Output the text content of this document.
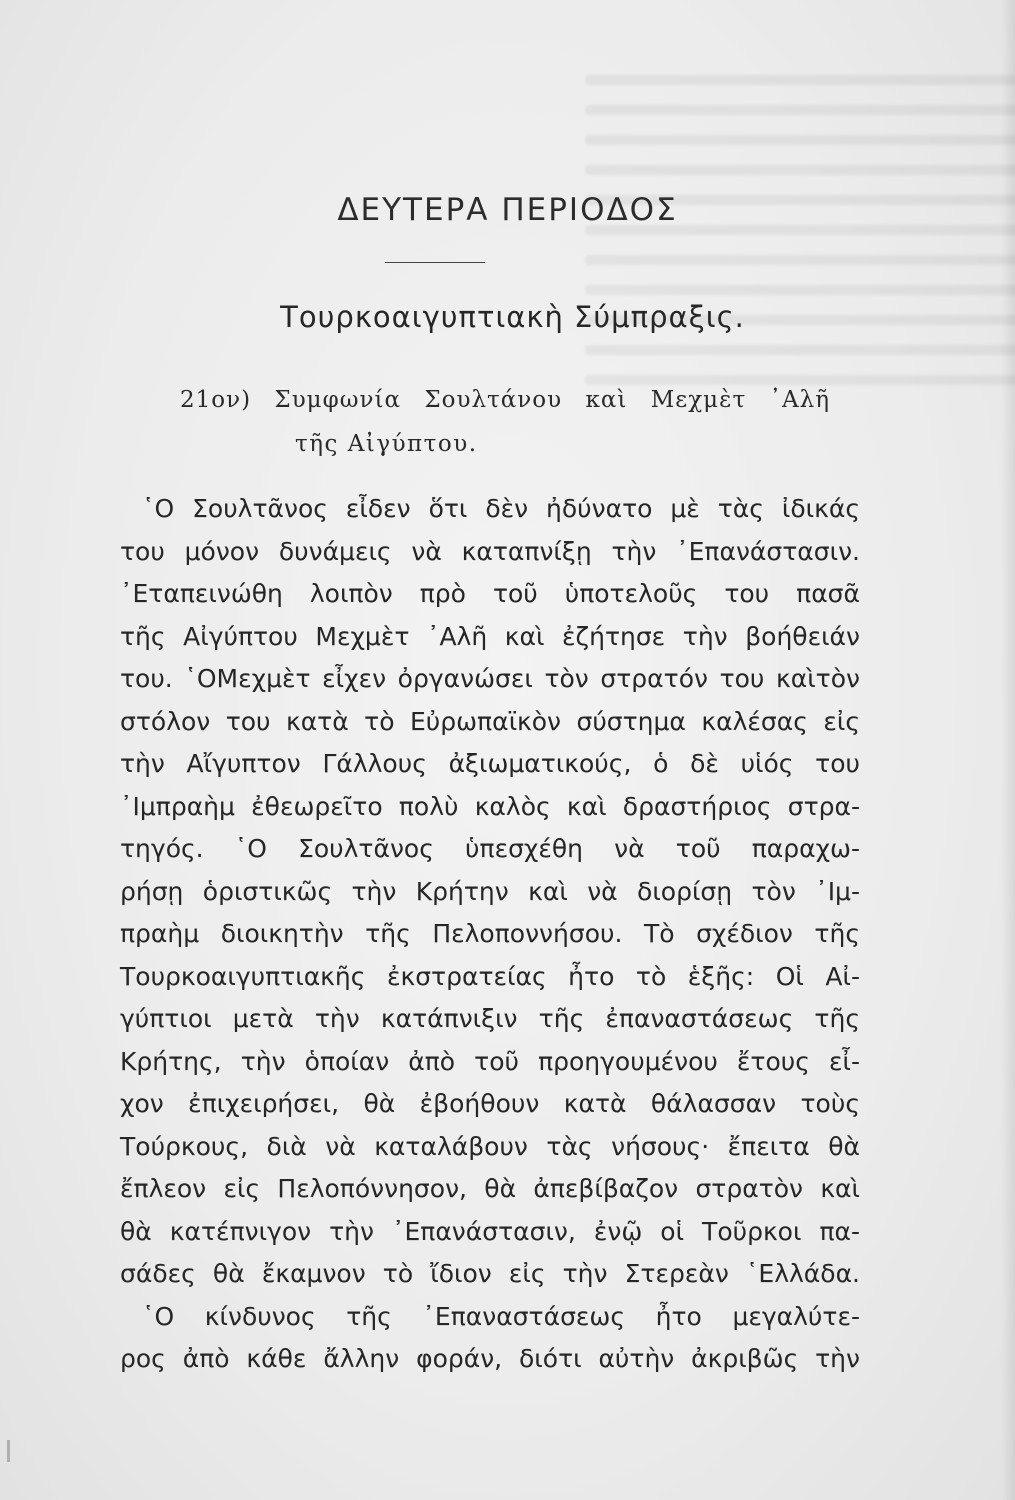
ΔΕΥΤΕΡΑ ΠΕΡΙΟΔΟΣ
Τουρκοαιγυπτιακὴ Σύμπραξις.
21ον) Συμφωνία Σουλτάνου καὶ Μεχμὲτ ᾿Αλῆ
τῆς Αἰγύπτου.
῾Ο Σουλτᾶνος εἶδεν ὅτι δὲν ἠδύνατο μὲ τὰς ἰδικάς
του μόνον δυνάμεις νὰ καταπνίξῃ τὴν ᾿Επανάστασιν.
᾿Εταπεινώθη λοιπὸν πρὸ τοῦ ὑποτελοῦς του πασᾶ
τῆς Αἰγύπτου Μεχμὲτ ᾿Αλῆ καὶ ἐζήτησε τὴν βοήθειάν
του. ῾ΟΜεχμὲτ εἶχεν ὀργανώσει τὸν στρατόν του καὶτὸν
στόλον του κατὰ τὸ Εὐρωπαϊκὸν σύστημα καλέσας εἰς
τὴν Αἴγυπτον Γάλλους ἀξιωματικούς, ὁ δὲ υἱός του
᾿Ιμπραὴμ ἐθεωρεῖτο πολὺ καλὸς καὶ δραστήριος στρα-
τηγός. ῾Ο Σουλτᾶνος ὑπεσχέθη νὰ τοῦ παραχω-
ρήσῃ ὁριστικῶς τὴν Κρήτην καὶ νὰ διορίσῃ τὸν ᾿Ιμ-
πραὴμ διοικητὴν τῆς Πελοποννήσου. Τὸ σχέδιον τῆς
Τουρκοαιγυπτιακῆς ἐκστρατείας ἦτο τὸ ἑξῆς: Οἱ Αἰ-
γύπτιοι μετὰ τὴν κατάπνιξιν τῆς ἐπαναστάσεως τῆς
Κρήτης, τὴν ὁποίαν ἀπὸ τοῦ προηγουμένου ἔτους εἶ-
χον ἐπιχειρήσει, θὰ ἐβοήθουν κατὰ θάλασσαν τοὺς
Τούρκους, διὰ νὰ καταλάβουν τὰς νήσους· ἔπειτα θὰ
ἔπλεον εἰς Πελοπόννησον, θὰ ἀπεβίβαζον στρατὸν καὶ
θὰ κατέπνιγον τὴν ᾿Επανάστασιν, ἐνῷ οἱ Τοῦρκοι πα-
σάδες θὰ ἔκαμνον τὸ ἴδιον εἰς τὴν Στερεὰν ῾Ελλάδα.
῾Ο κίνδυνος τῆς ᾿Επαναστάσεως ἦτο μεγαλύτε-
ρος ἀπὸ κάθε ἄλλην φοράν, διότι αὐτὴν ἀκριβῶς τὴν
